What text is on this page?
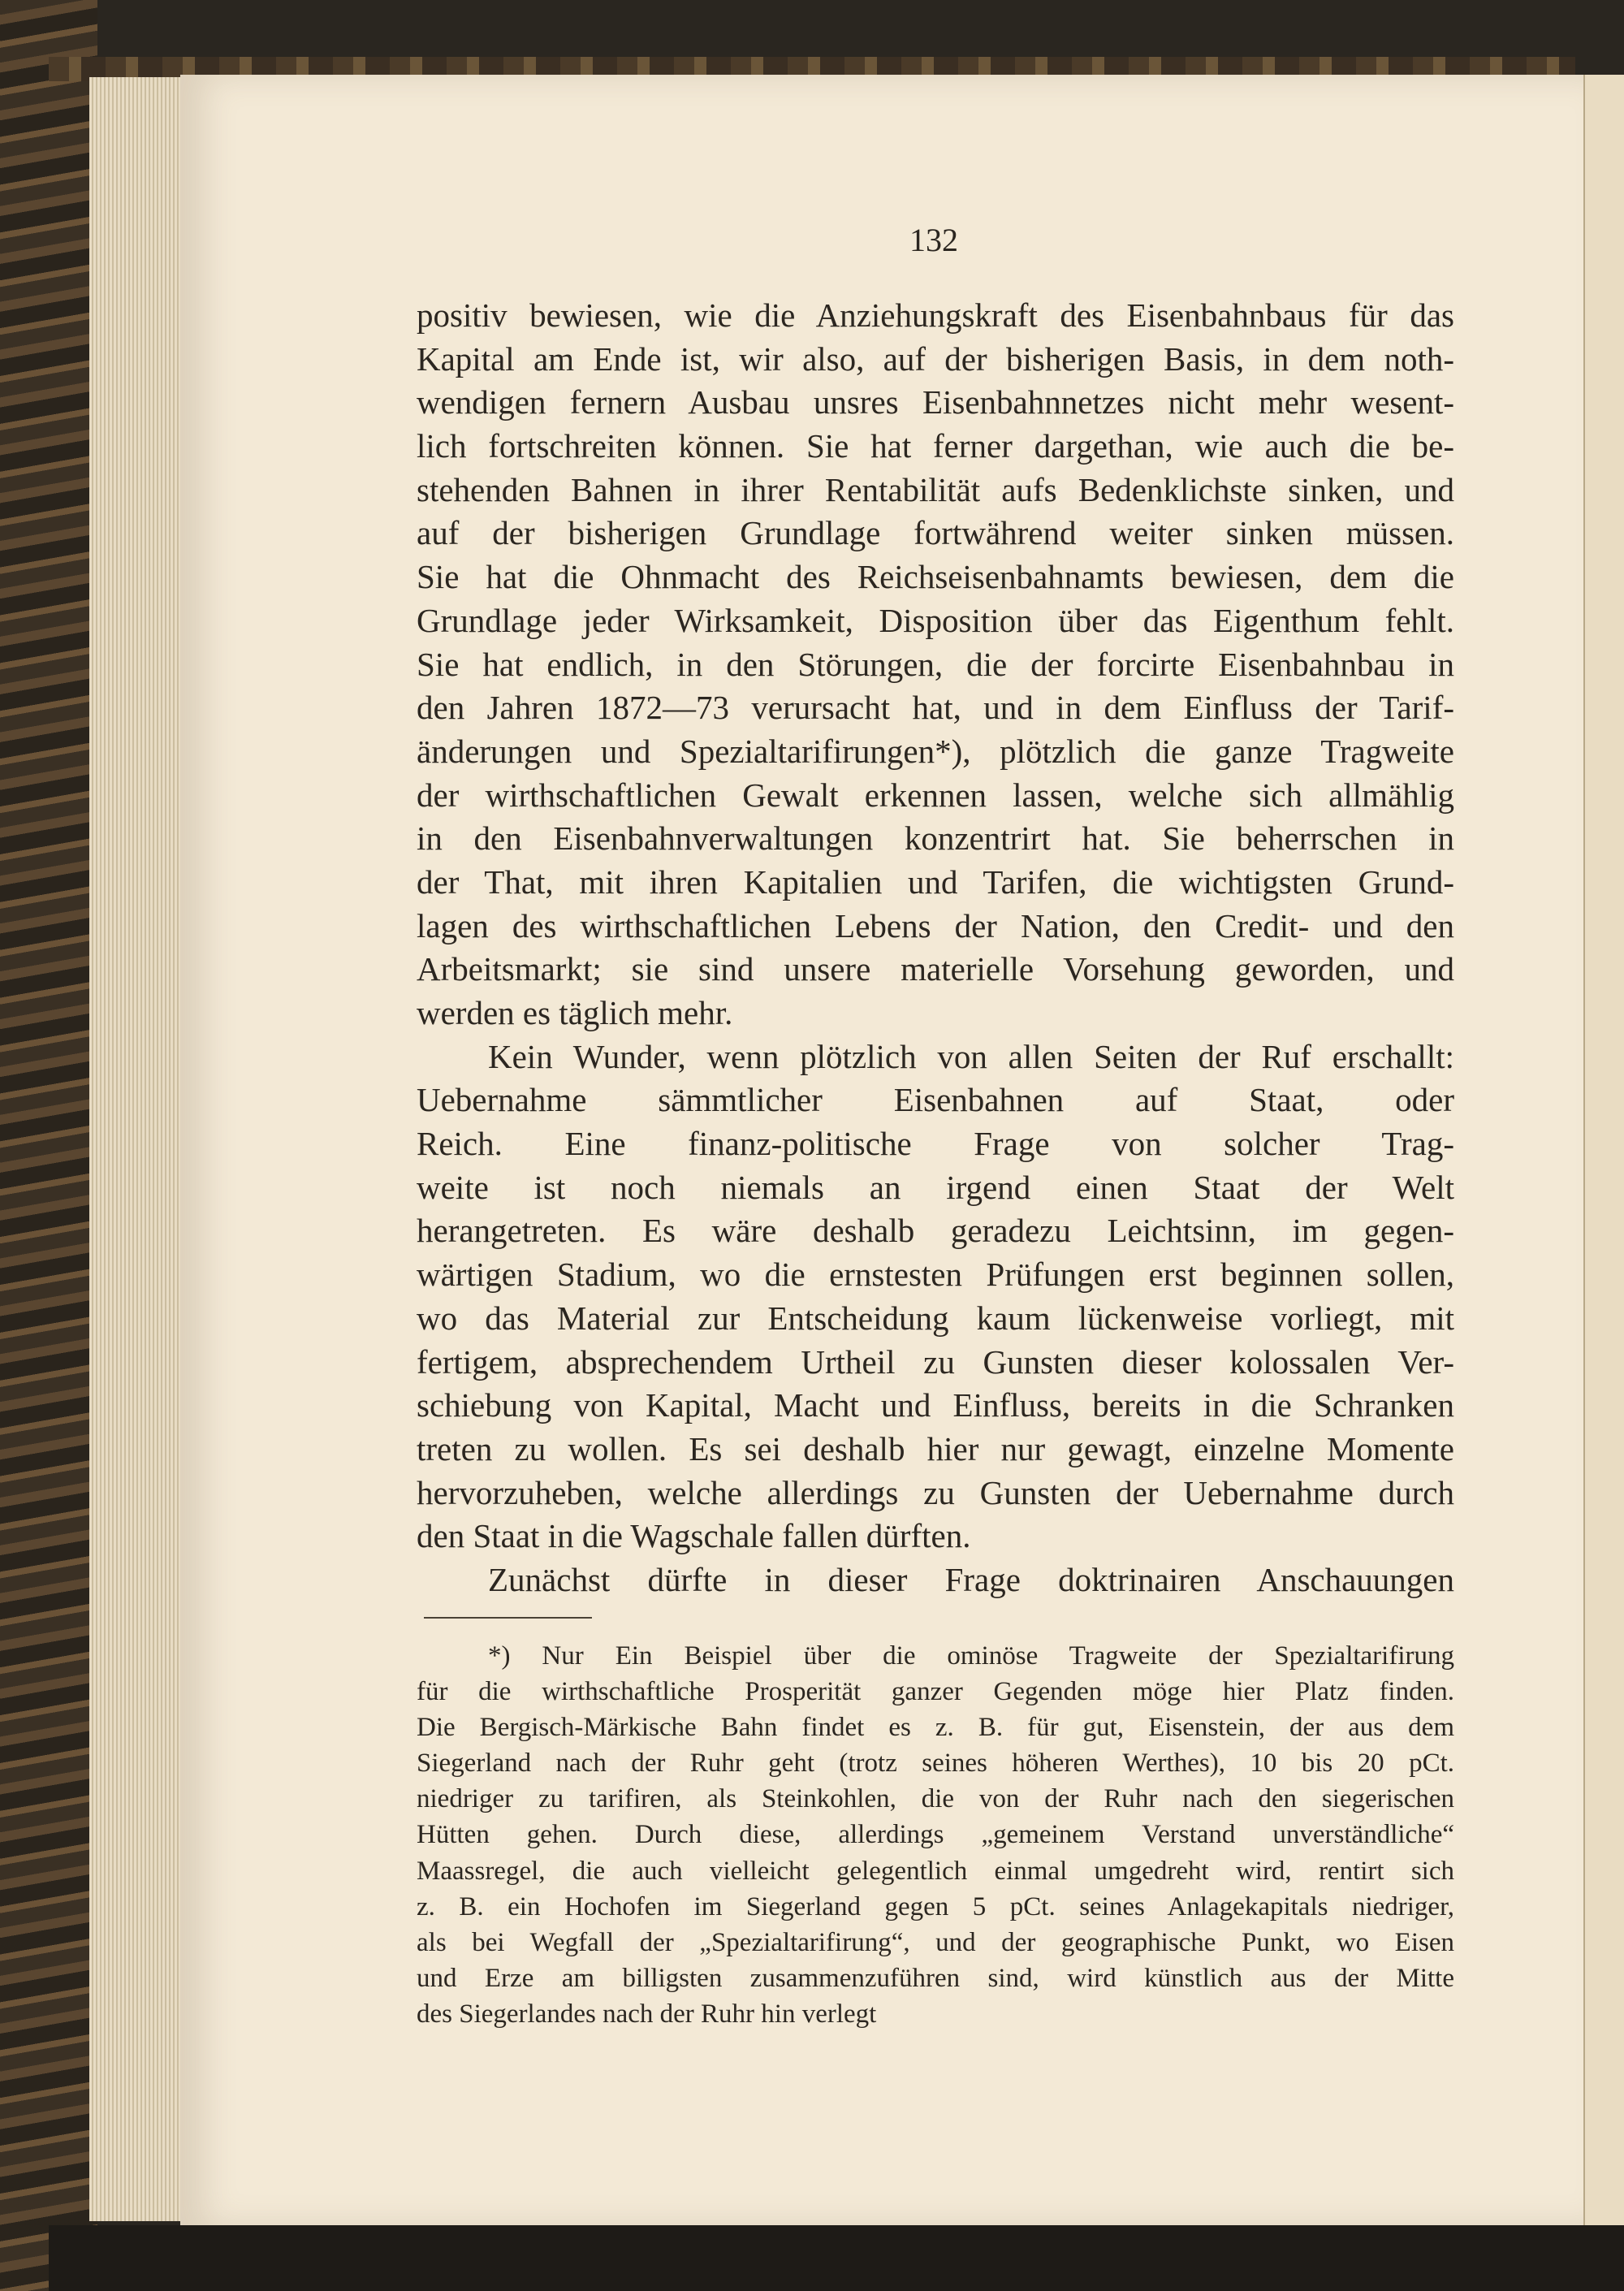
132
positiv bewiesen, wie die Anziehungskraft des Eisenbahnbaus für das
Kapital am Ende ist, wir also, auf der bisherigen Basis, in dem noth-
wendigen fernern Ausbau unsres Eisenbahnnetzes nicht mehr wesent-
lich fortschreiten können. Sie hat ferner dargethan, wie auch die be-
stehenden Bahnen in ihrer Rentabilität aufs Bedenklichste sinken, und
auf der bisherigen Grundlage fortwährend weiter sinken müssen.
Sie hat die Ohnmacht des Reichseisenbahnamts bewiesen, dem die
Grundlage jeder Wirksamkeit, Disposition über das Eigenthum fehlt.
Sie hat endlich, in den Störungen, die der forcirte Eisenbahnbau in
den Jahren 1872—73 verursacht hat, und in dem Einfluss der Tarif-
änderungen und Spezialtarifirungen*), plötzlich die ganze Tragweite
der wirthschaftlichen Gewalt erkennen lassen, welche sich allmählig
in den Eisenbahnverwaltungen konzentrirt hat. Sie beherrschen in
der That, mit ihren Kapitalien und Tarifen, die wichtigsten Grund-
lagen des wirthschaftlichen Lebens der Nation, den Credit- und den
Arbeitsmarkt; sie sind unsere materielle Vorsehung geworden, und
werden es täglich mehr.
Kein Wunder, wenn plötzlich von allen Seiten der Ruf erschallt:
Uebernahme sämmtlicher Eisenbahnen auf Staat, oder
Reich. Eine finanz-politische Frage von solcher Trag-
weite ist noch niemals an irgend einen Staat der Welt
herangetreten. Es wäre deshalb geradezu Leichtsinn, im gegen-
wärtigen Stadium, wo die ernstesten Prüfungen erst beginnen sollen,
wo das Material zur Entscheidung kaum lückenweise vorliegt, mit
fertigem, absprechendem Urtheil zu Gunsten dieser kolossalen Ver-
schiebung von Kapital, Macht und Einfluss, bereits in die Schranken
treten zu wollen. Es sei deshalb hier nur gewagt, einzelne Momente
hervorzuheben, welche allerdings zu Gunsten der Uebernahme durch
den Staat in die Wagschale fallen dürften.
Zunächst dürfte in dieser Frage doktrinairen Anschauungen
*) Nur Ein Beispiel über die ominöse Tragweite der Spezialtarifirung
für die wirthschaftliche Prosperität ganzer Gegenden möge hier Platz finden.
Die Bergisch-Märkische Bahn findet es z. B. für gut, Eisenstein, der aus dem
Siegerland nach der Ruhr geht (trotz seines höheren Werthes), 10 bis 20 pCt.
niedriger zu tarifiren, als Steinkohlen, die von der Ruhr nach den siegerischen
Hütten gehen. Durch diese, allerdings „gemeinem Verstand unverständliche“
Maassregel, die auch vielleicht gelegentlich einmal umgedreht wird, rentirt sich
z. B. ein Hochofen im Siegerland gegen 5 pCt. seines Anlagekapitals niedriger,
als bei Wegfall der „Spezialtarifirung“, und der geographische Punkt, wo Eisen
und Erze am billigsten zusammenzuführen sind, wird künstlich aus der Mitte
des Siegerlandes nach der Ruhr hin verlegt
